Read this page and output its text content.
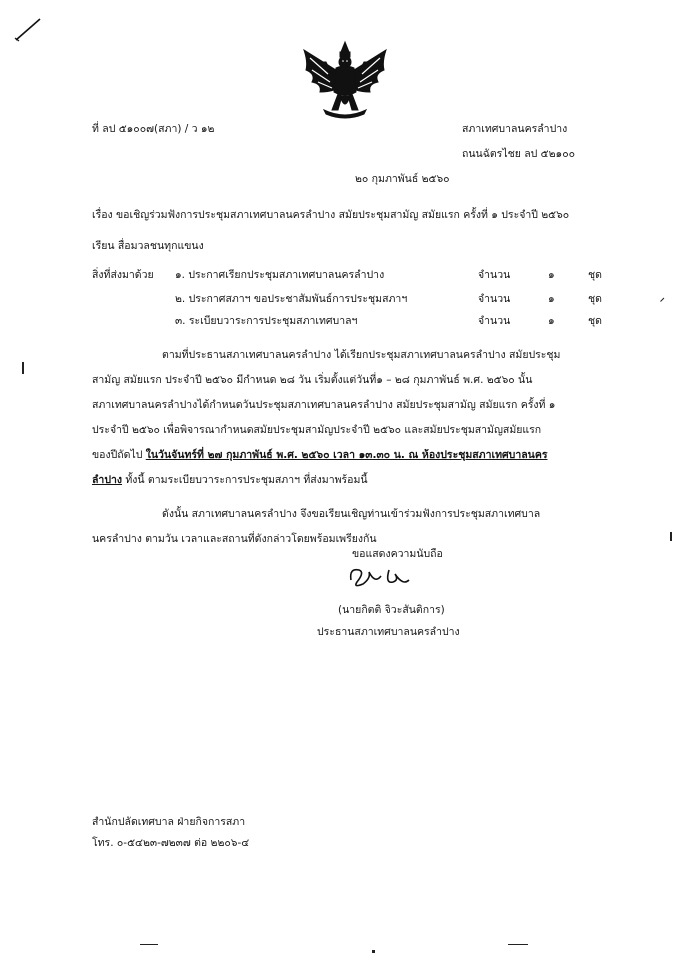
ที่ ลป ๕๑๐๐๗(สภา) / ว ๑๒	สภาเทศบาลนครลำปาง
ถนนฉัตรไชย ลป ๕๒๑๐๐
๒๐ กุมภาพันธ์ ๒๕๖๐
เรื่อง ขอเชิญร่วมฟังการประชุมสภาเทศบาลนครลำปาง สมัยประชุมสามัญ สมัยแรก ครั้งที่ ๑ ประจำปี ๒๕๖๐
เรียน สื่อมวลชนทุกแขนง
สิ่งที่ส่งมาด้วย ๑. ประกาศเรียกประชุมสภาเทศบาลนครลำปาง	จำนวน	๑	ชุด
๒. ประกาศสภาฯ ขอประชาสัมพันธ์การประชุมสภาฯ	จำนวน	๑	ชุด
๓. ระเบียบวาระการประชุมสภาเทศบาลฯ	จำนวน	๑	ชุด
ตามที่ประธานสภาเทศบาลนครลำปาง ได้เรียกประชุมสภาเทศบาลนครลำปาง สมัยประชุม
สามัญ สมัยแรก ประจำปี ๒๕๖๐ มีกำหนด ๒๘ วัน เริ่มตั้งแต่วันที่๑ – ๒๘ กุมภาพันธ์ พ.ศ. ๒๕๖๐ นั้น
สภาเทศบาลนครลำปางได้กำหนดวันประชุมสภาเทศบาลนครลำปาง สมัยประชุมสามัญ สมัยแรก ครั้งที่ ๑
ประจำปี ๒๕๖๐ เพื่อพิจารณากำหนดสมัยประชุมสามัญประจำปี ๒๕๖๐ และสมัยประชุมสามัญสมัยแรก
ของปีถัดไป ในวันจันทร์ที่ ๒๗ กุมภาพันธ์ พ.ศ. ๒๕๖๐ เวลา ๑๓.๓๐ น. ณ ห้องประชุมสภาเทศบาลนคร
ลำปาง ทั้งนี้ ตามระเบียบวาระการประชุมสภาฯ ที่ส่งมาพร้อมนี้
ดังนั้น สภาเทศบาลนครลำปาง จึงขอเรียนเชิญท่านเข้าร่วมฟังการประชุมสภาเทศบาล
นครลำปาง ตามวัน เวลาและสถานที่ดังกล่าวโดยพร้อมเพรียงกัน
ขอแสดงความนับถือ
(นายกิตติ จิวะสันติการ)
ประธานสภาเทศบาลนครลำปาง
สำนักปลัดเทศบาล ฝ่ายกิจการสภา
โทร. ๐-๕๔๒๓-๗๒๓๗ ต่อ ๒๒๐๖-๔
